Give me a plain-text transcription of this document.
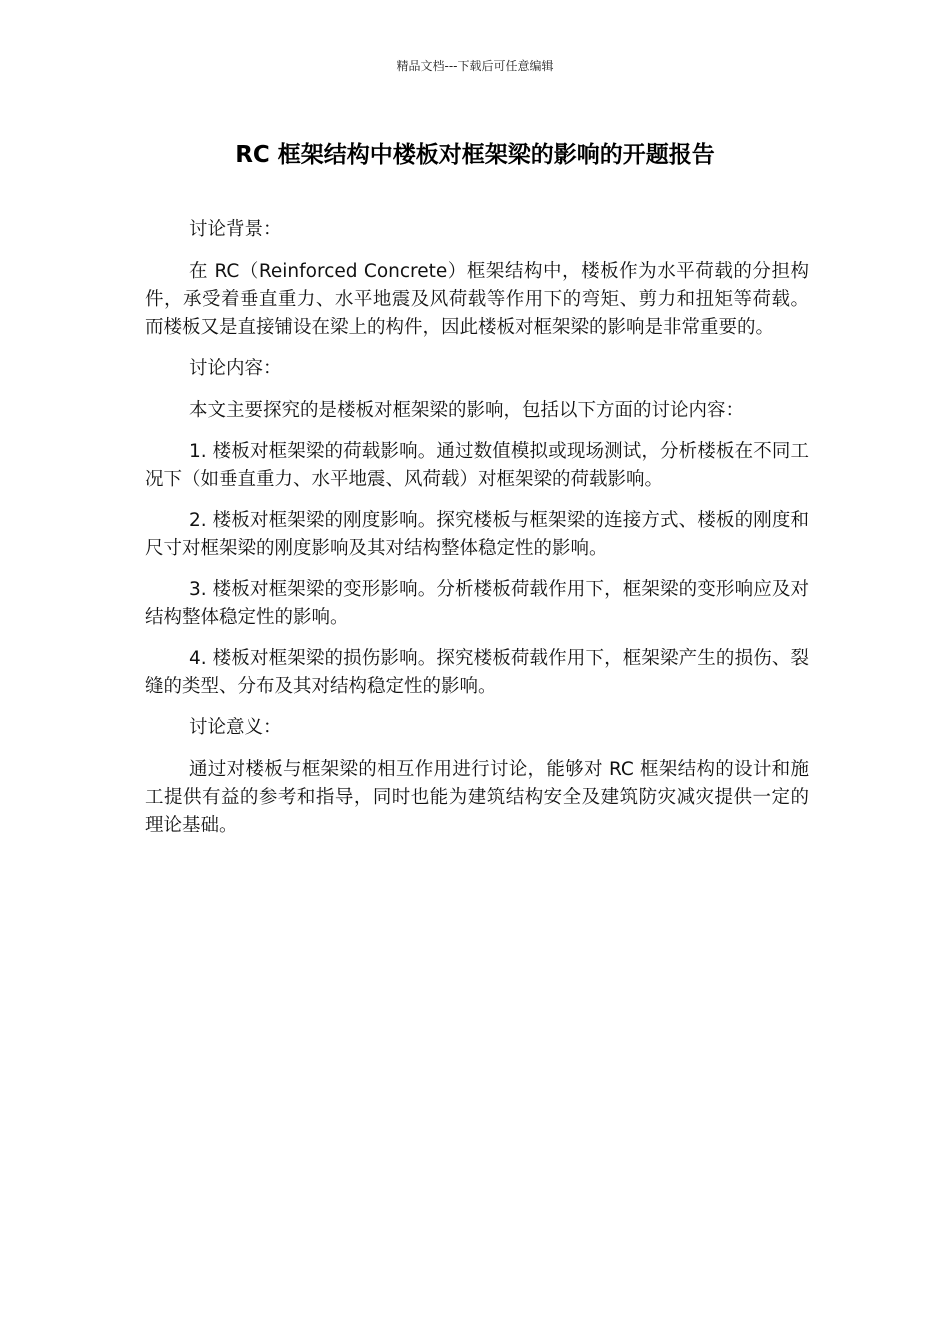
精品文档---下载后可任意编辑
RC 框架结构中楼板对框架梁的影响的开题报告

讨论背景：

在 RC（Reinforced Concrete）框架结构中，楼板作为水平荷载的分担构件，承受着垂直重力、水平地震及风荷载等作用下的弯矩、剪力和扭矩等荷载。而楼板又是直接铺设在梁上的构件，因此楼板对框架梁的影响是非常重要的。

讨论内容：

本文主要探究的是楼板对框架梁的影响，包括以下方面的讨论内容：

1. 楼板对框架梁的荷载影响。通过数值模拟或现场测试，分析楼板在不同工况下（如垂直重力、水平地震、风荷载）对框架梁的荷载影响。

2. 楼板对框架梁的刚度影响。探究楼板与框架梁的连接方式、楼板的刚度和尺寸对框架梁的刚度影响及其对结构整体稳定性的影响。

3. 楼板对框架梁的变形影响。分析楼板荷载作用下，框架梁的变形响应及对结构整体稳定性的影响。

4. 楼板对框架梁的损伤影响。探究楼板荷载作用下，框架梁产生的损伤、裂缝的类型、分布及其对结构稳定性的影响。

讨论意义：

通过对楼板与框架梁的相互作用进行讨论，能够对 RC 框架结构的设计和施工提供有益的参考和指导，同时也能为建筑结构安全及建筑防灾减灾提供一定的理论基础。
